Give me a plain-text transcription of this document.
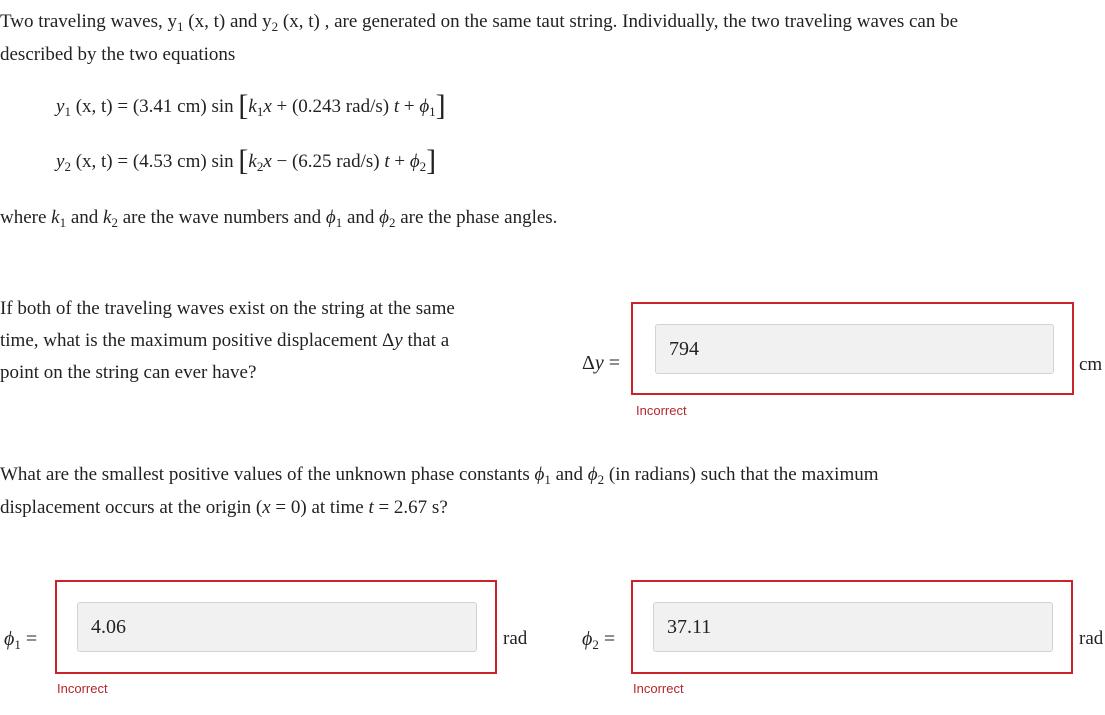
Two traveling waves, $y_1$ (x, t) and $y_2$ (x, t) , are generated on the same taut string. Individually, the two traveling waves can be
described by the two equations
$y_1$ (x, t) = (3.41 cm) $\sin [k_1x + (0.243$ rad/s) $t + \phi_1$]
$y_2$ (x, t) = (4.53 cm) $\sin [k_2x - (6.25$ rad/s) $t + \phi_2$]
where $k_1$ and $k_2$ are the wave numbers and $\phi_1$ and $\phi_2$ are the phase angles.
If both of the traveling waves exist on the string at the same
time, what is the maximum positive displacement Δy that a
point on the string can ever have?	Δy =
794
cm
Incorrect
What are the smallest positive values of the unknown phase constants $\phi_1$ and $\phi_2$ (in radians) such that the maximum
displacement occurs at the origin (x = 0) at time t = 2.67 s?
$\phi_1$ =
4.06
rad
Incorrect
$\phi_2$ =
37.11
rad
Incorrect
